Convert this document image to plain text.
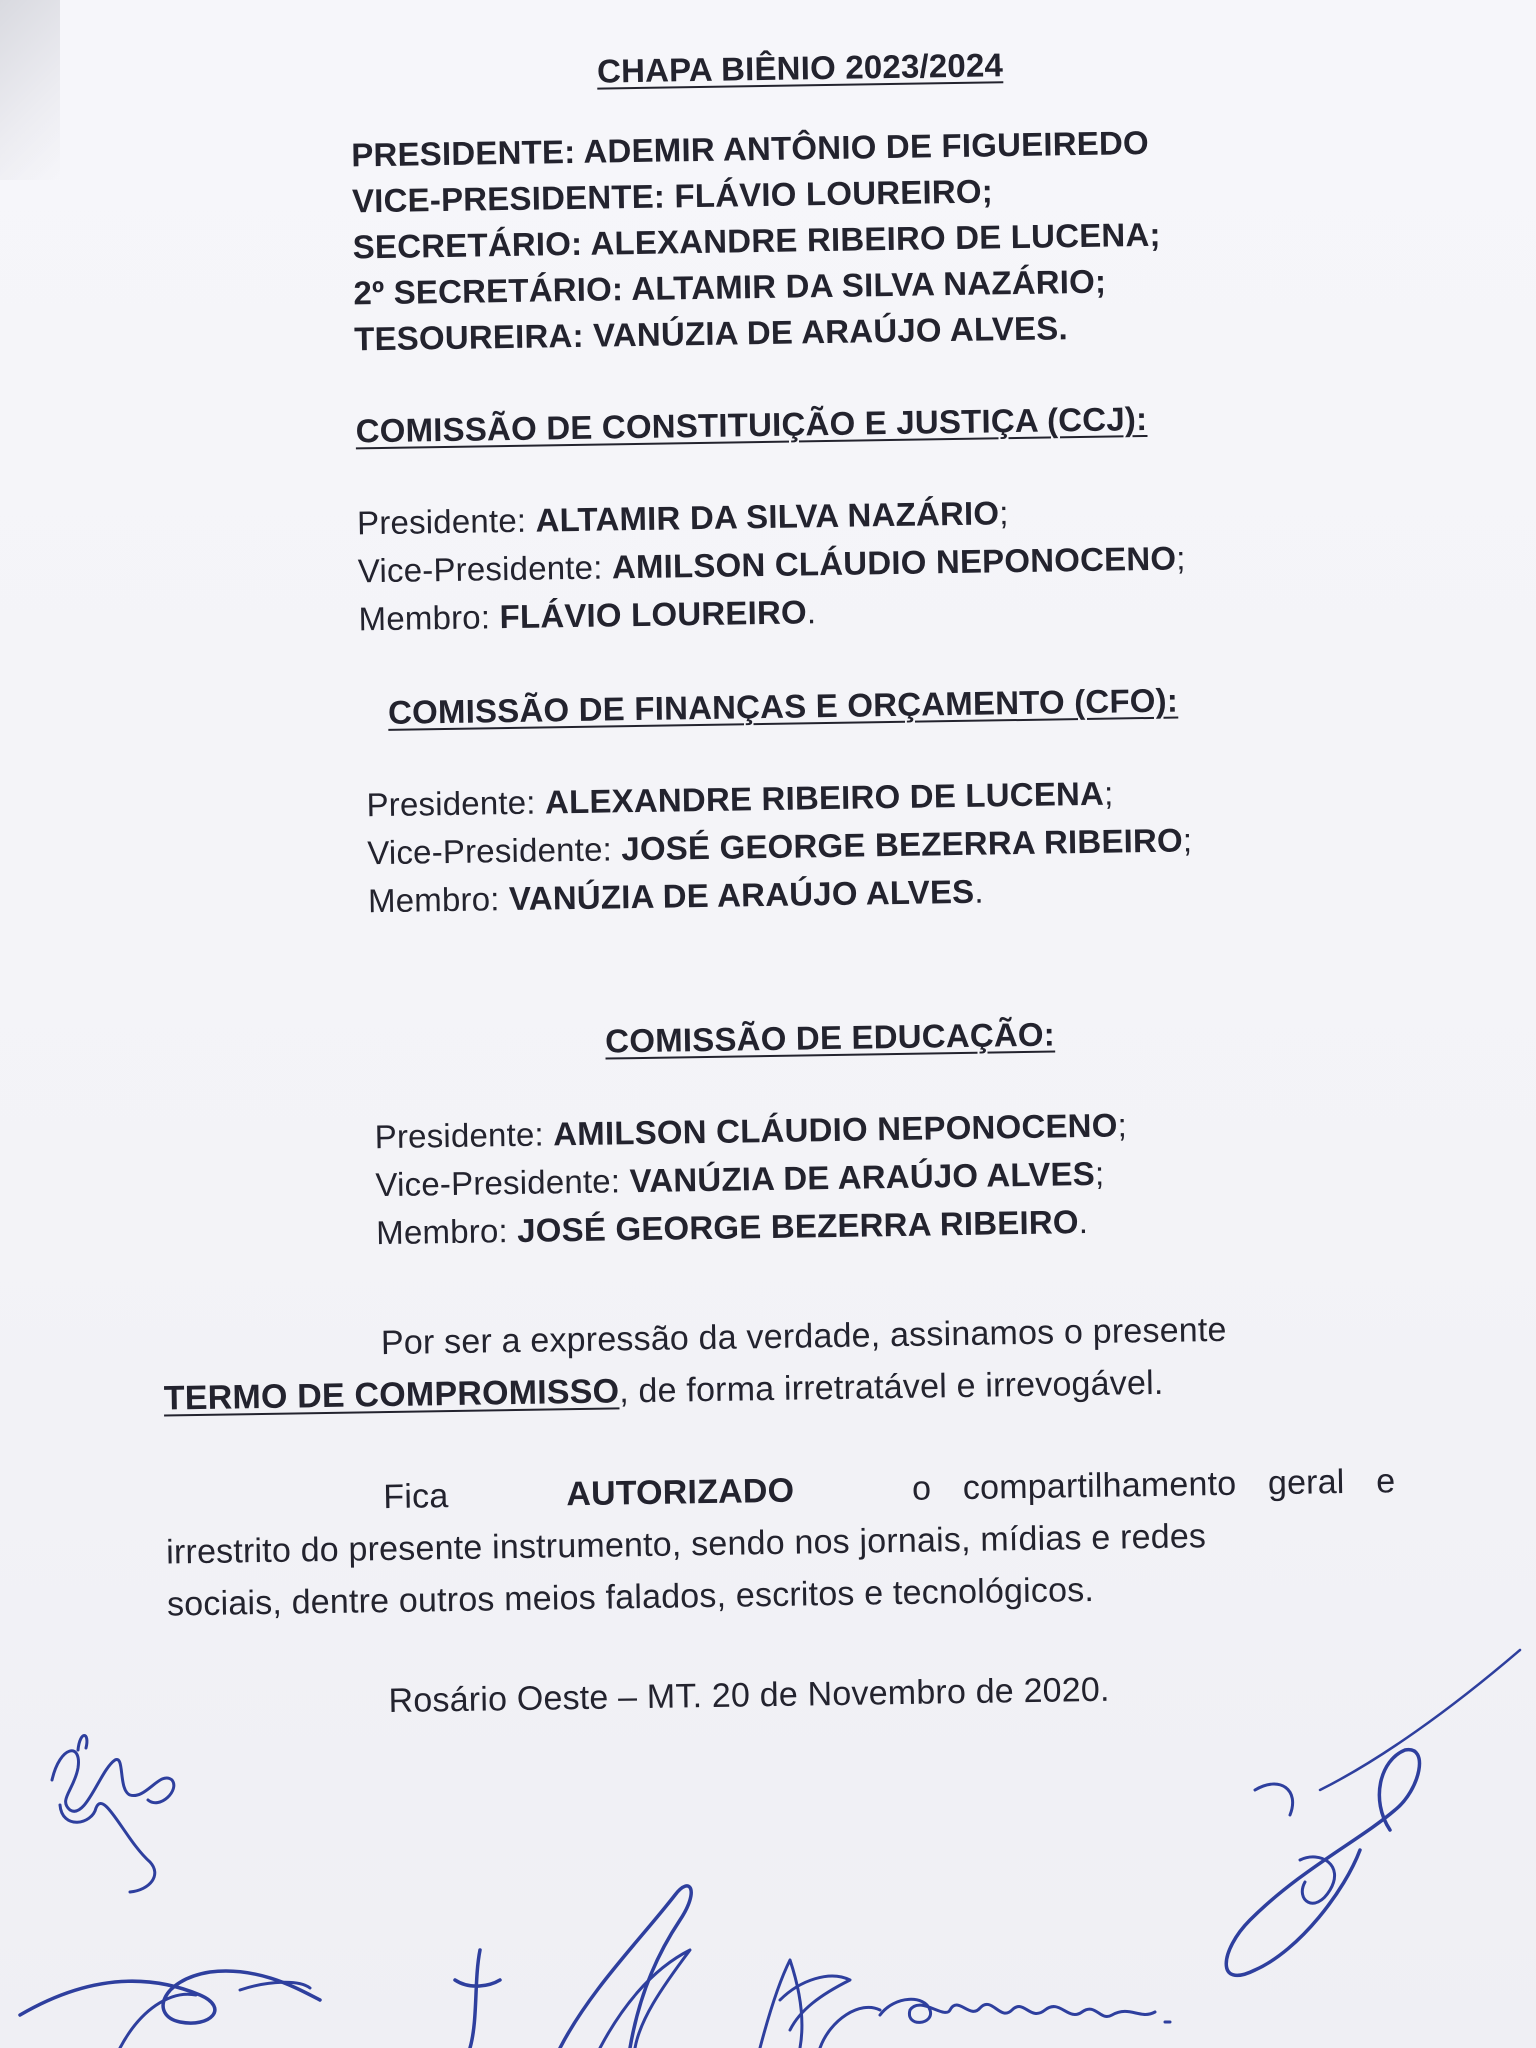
CHAPA BIÊNIO 2023/2024
PRESIDENTE: ADEMIR ANTÔNIO DE FIGUEIREDO
VICE-PRESIDENTE: FLÁVIO LOUREIRO;
SECRETÁRIO: ALEXANDRE RIBEIRO DE LUCENA;
2º SECRETÁRIO: ALTAMIR DA SILVA NAZÁRIO;
TESOUREIRA: VANÚZIA DE ARAÚJO ALVES.
COMISSÃO DE CONSTITUIÇÃO E JUSTIÇA (CCJ):
Presidente: ALTAMIR DA SILVA NAZÁRIO;
Vice-Presidente: AMILSON CLÁUDIO NEPONOCENO;
Membro: FLÁVIO LOUREIRO.
COMISSÃO DE FINANÇAS E ORÇAMENTO (CFO):
Presidente: ALEXANDRE RIBEIRO DE LUCENA;
Vice-Presidente: JOSÉ GEORGE BEZERRA RIBEIRO;
Membro: VANÚZIA DE ARAÚJO ALVES.
COMISSÃO DE EDUCAÇÃO:
Presidente: AMILSON CLÁUDIO NEPONOCENO;
Vice-Presidente: VANÚZIA DE ARAÚJO ALVES;
Membro: JOSÉ GEORGE BEZERRA RIBEIRO.
Por ser a expressão da verdade, assinamos o presente
TERMO DE COMPROMISSO, de forma irretratável e irrevogável.
Fica	AUTORIZADO	o compartilhamento geral e
irrestrito do presente instrumento, sendo nos jornais, mídias e redes
sociais, dentre outros meios falados, escritos e tecnológicos.
Rosário Oeste – MT. 20 de Novembro de 2020.
